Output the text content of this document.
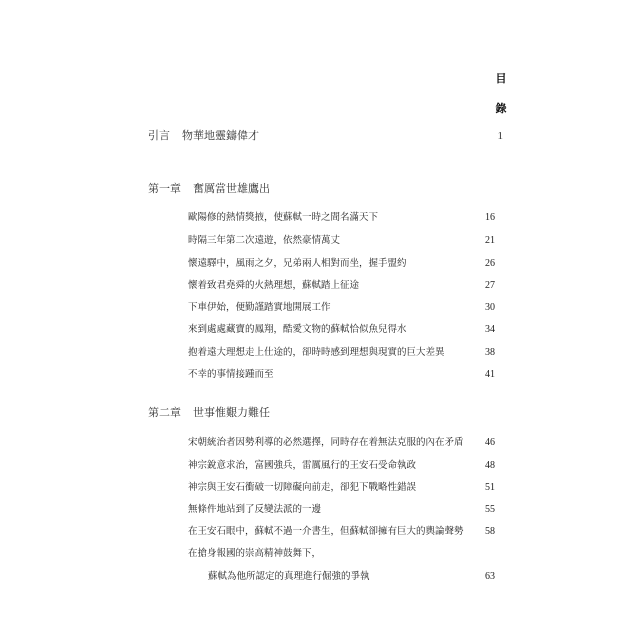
目
錄
引言 物華地靈鑄偉才	1
第一章 奮厲當世雄鷹出
歐陽修的熱情獎掖，使蘇軾一時之間名滿天下	16
時隔三年第二次遠遊，依然豪情萬丈	21
懷遠驛中，風雨之夕，兄弟兩人相對而坐，握手盟約	26
懷着致君堯舜的火熱理想，蘇軾踏上征途	27
下車伊始，便勤謹踏實地開展工作	30
來到處處藏寶的鳳翔，酷愛文物的蘇軾恰似魚兒得水	34
抱着遠大理想走上仕途的，卻時時感到理想與現實的巨大差異	38
不幸的事情接踵而至	41
第二章 世事惟艱力難任
宋朝統治者因勢利導的必然選擇，同時存在着無法克服的內在矛盾 46
神宗銳意求治，富國強兵，雷厲風行的王安石受命執政	48
神宗與王安石衝破一切障礙向前走，卻犯下戰略性錯誤	51
無條件地站到了反變法派的一邊	55
在王安石眼中，蘇軾不過一介書生，但蘇軾卻擁有巨大的輿論聲勢 58
在搶身報國的崇高精神鼓舞下，
蘇軾為他所認定的真理進行倔強的爭執	63
